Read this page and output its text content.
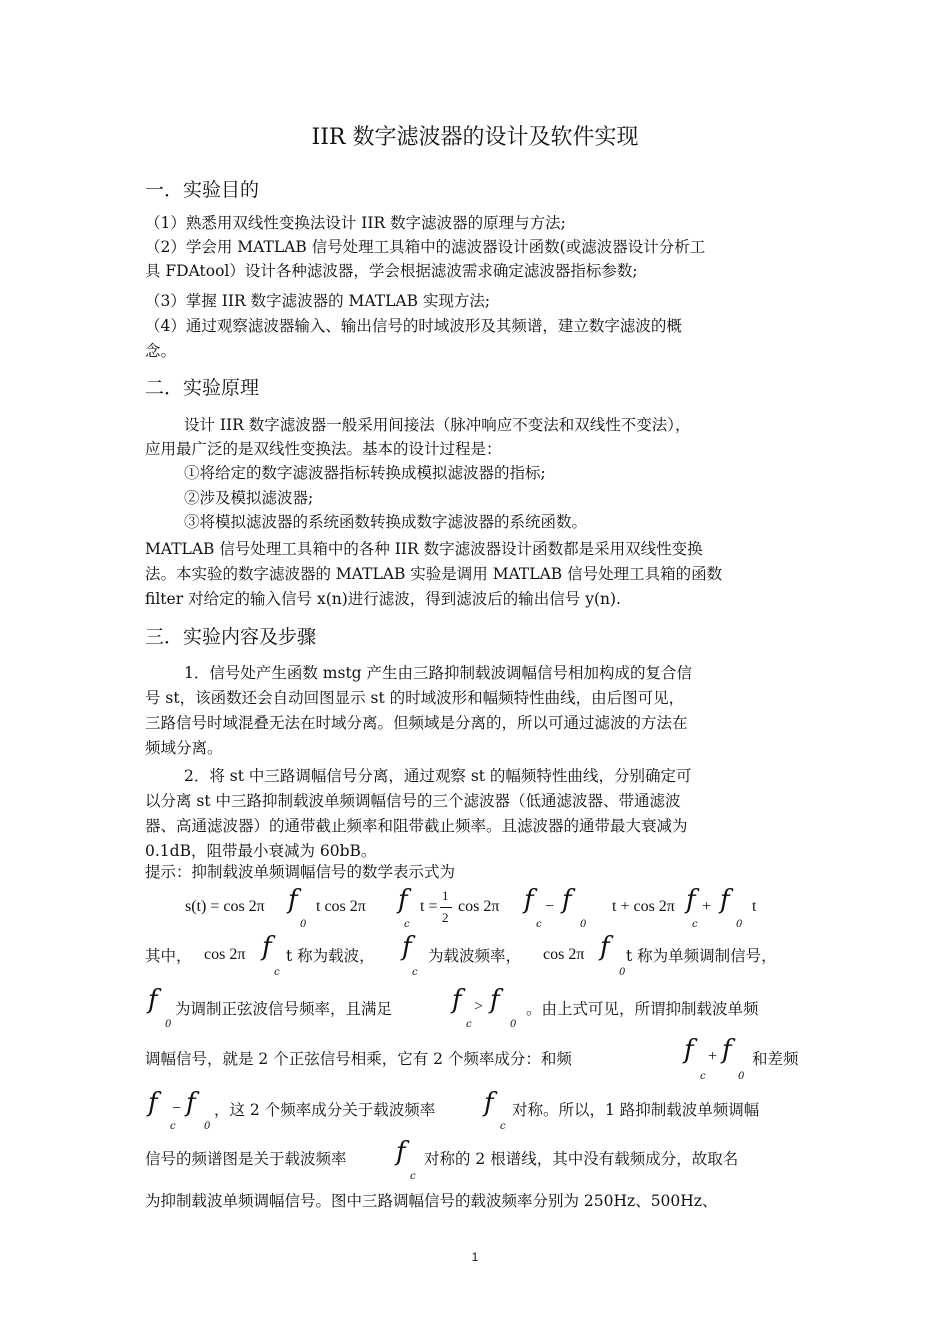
IIR 数字滤波器的设计及软件实现
一．实验目的
（1）熟悉用双线性变换法设计 IIR 数字滤波器的原理与方法;
（2）学会用 MATLAB 信号处理工具箱中的滤波器设计函数(或滤波器设计分析工
具 FDAtool）设计各种滤波器，学会根据滤波需求确定滤波器指标参数;
（3）掌握 IIR 数字滤波器的 MATLAB 实现方法;
（4）通过观察滤波器输入、输出信号的时域波形及其频谱，建立数字滤波的概
念。
二．实验原理
设计 IIR 数字滤波器一般采用间接法（脉冲响应不变法和双线性不变法），
应用最广泛的是双线性变换法。基本的设计过程是：
①将给定的数字滤波器指标转换成模拟滤波器的指标;
②涉及模拟滤波器;
③将模拟滤波器的系统函数转换成数字滤波器的系统函数。
MATLAB 信号处理工具箱中的各种 IIR 数字滤波器设计函数都是采用双线性变换
法。本实验的数字滤波器的 MATLAB 实验是调用 MATLAB 信号处理工具箱的函数
filter 对给定的输入信号 x(n)进行滤波，得到滤波后的输出信号 y(n).
三．实验内容及步骤
1．信号处产生函数 mstg 产生由三路抑制载波调幅信号相加构成的复合信
号 st，该函数还会自动回图显示 st 的时域波形和幅频特性曲线，由后图可见，
三路信号时域混叠无法在时域分离。但频域是分离的，所以可通过滤波的方法在
频域分离。
2．将 st 中三路调幅信号分离，通过观察 st 的幅频特性曲线，分别确定可
以分离 st 中三路抑制载波单频调幅信号的三个滤波器（低通滤波器、带通滤波
器、高通滤波器）的通带截止频率和阻带截止频率。且滤波器的通带最大衰减为
0.1dB，阻带最小衰减为 60bB。
提示：抑制载波单频调幅信号的数学表示式为
s(t) = cos 2π f
0
t cos 2π f
c
t =
1
2
cos 2π f
c
− f
0
t + cos 2π f
c
+ f
0
t
其中， cos 2π f
c
t 称为载波， f
c
为载波频率， cos 2π f
0
t 称为单频调制信号，
f
0
为调制正弦波信号频率，且满足 f
c
> f
0
。由上式可见，所谓抑制载波单频
调幅信号，就是 2 个正弦信号相乘，它有 2 个频率成分：和频	f
c
+ f
0
和差频
f
c
− f
0
，这 2 个频率成分关于载波频率 f
c
对称。所以，1 路抑制载波单频调幅
信号的频谱图是关于载波频率 f
c
对称的 2 根谱线，其中没有载频成分，故取名
为抑制载波单频调幅信号。图中三路调幅信号的载波频率分别为 250Hz、500Hz、
1
